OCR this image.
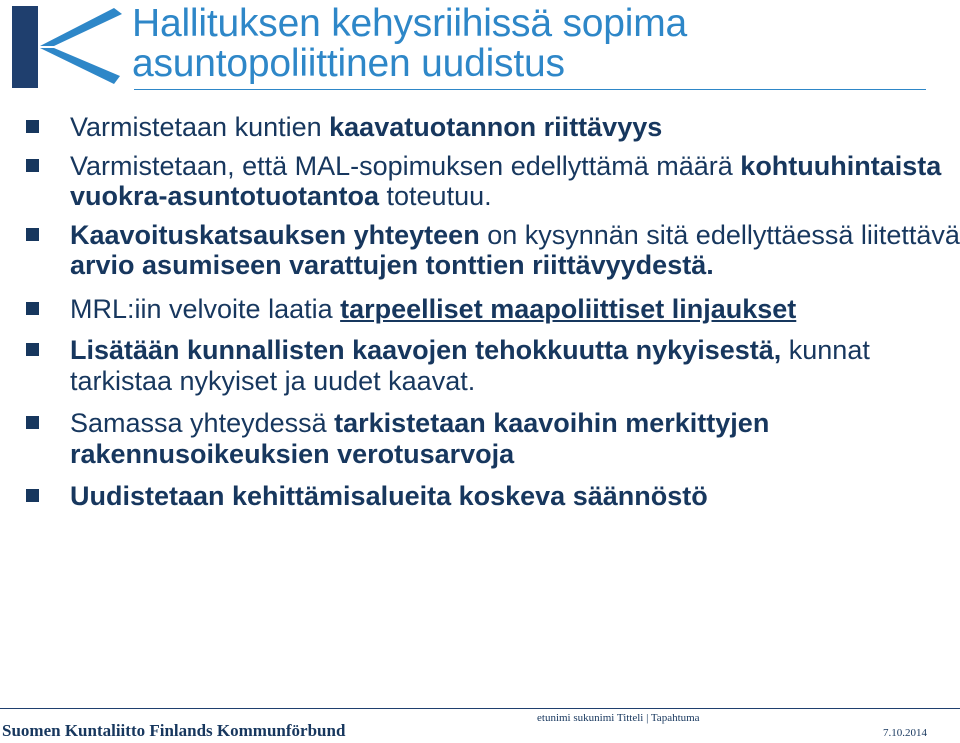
Hallituksen kehysriihissä sopima
asuntopoliittinen uudistus
Varmistetaan kuntien kaavatuotannon riittävyys
Varmistetaan, että MAL-sopimuksen edellyttämä määrä kohtuuhintaista vuokra-asuntotuotantoa toteutuu.
Kaavoituskatsauksen yhteyteen on kysynnän sitä edellyttäessä liitettävä arvio asumiseen varattujen tonttien riittävyydestä.
MRL:iin velvoite laatia tarpeelliset maapoliittiset linjaukset
Lisätään kunnallisten kaavojen tehokkuutta nykyisestä, kunnat tarkistaa nykyiset ja uudet kaavat.
Samassa yhteydessä tarkistetaan kaavoihin merkittyjen rakennusoikeuksien verotusarvoja
Uudistetaan kehittämisalueita koskeva säännöstö
Suomen Kuntaliitto Finlands Kommunförbund
etunimi sukunimi Titteli | Tapahtuma
7.10.2014
